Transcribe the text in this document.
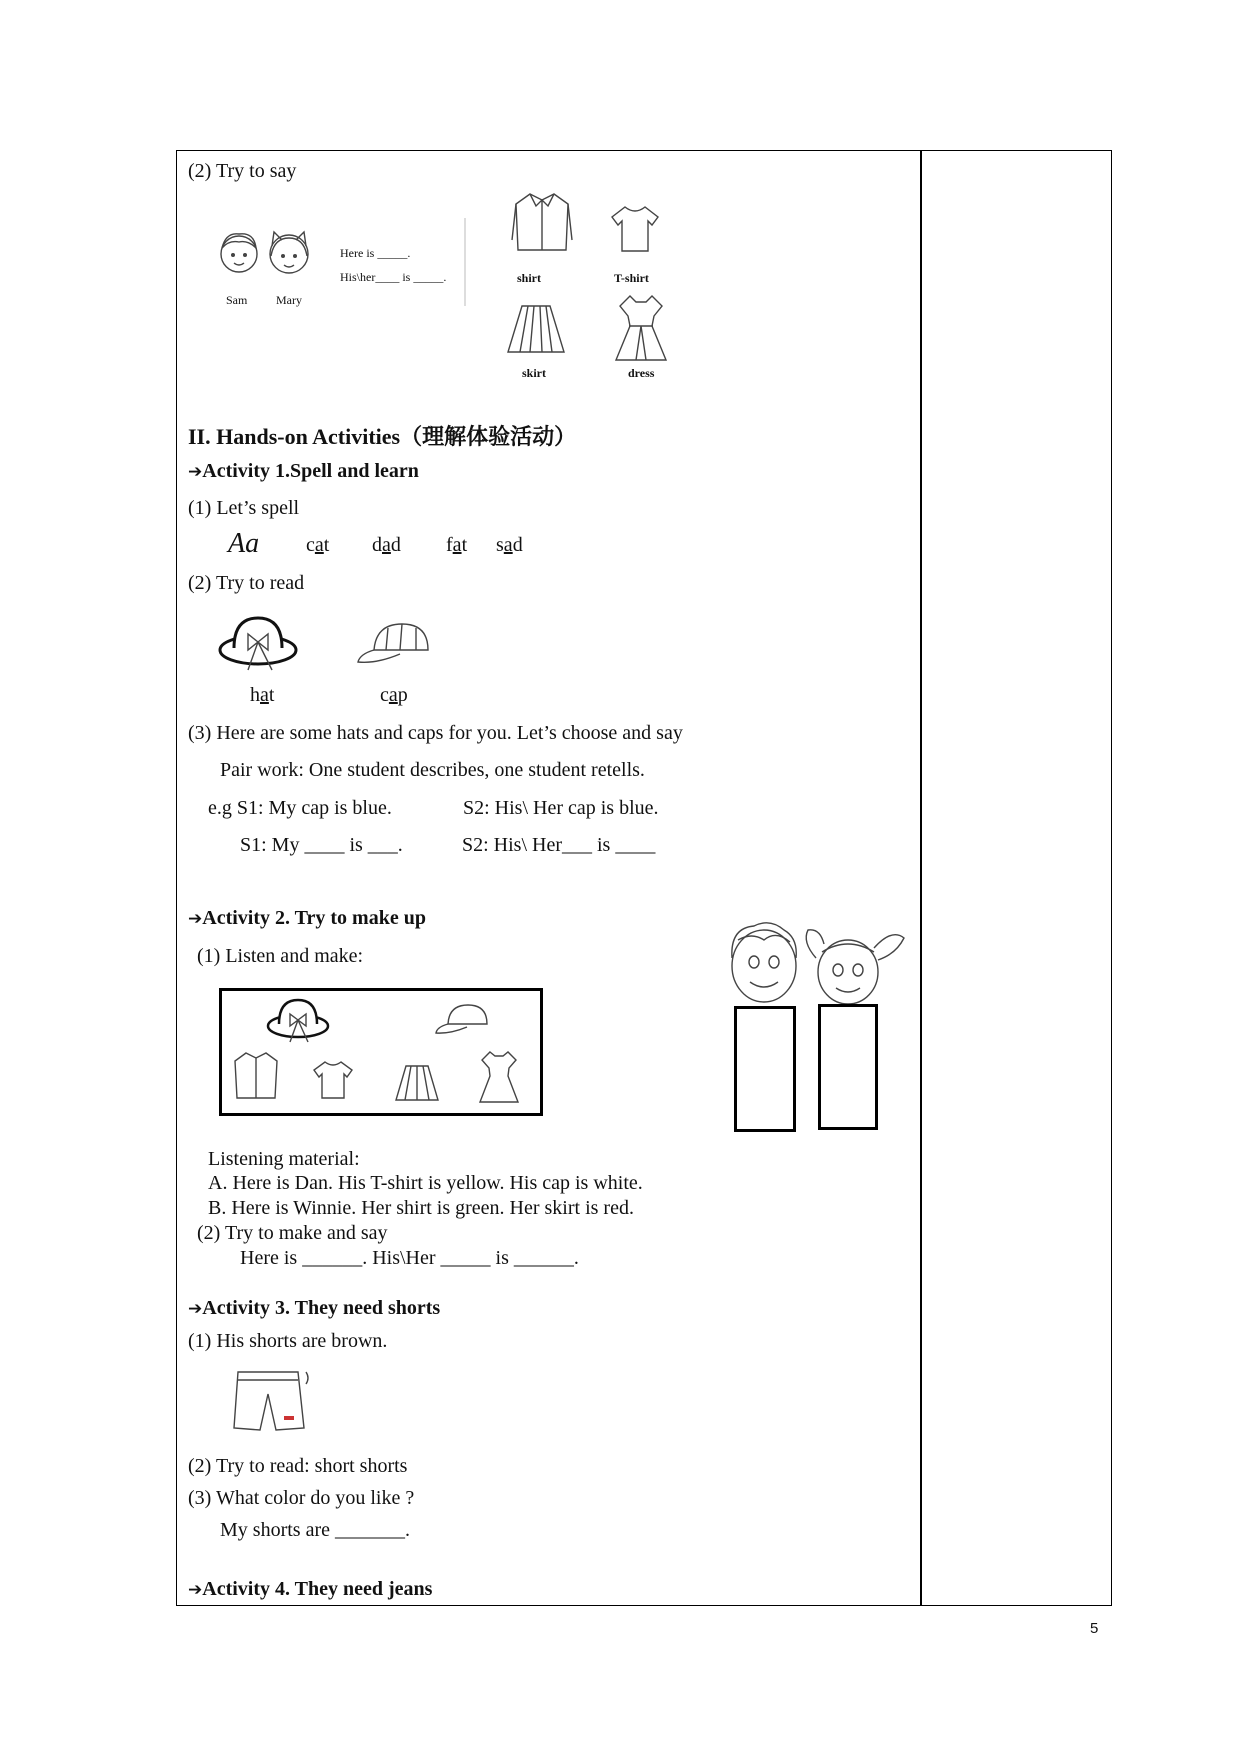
(2) Try to say
Sam Mary
Here is _____.
His\her____ is _____.	shirt	T-shirt
skirt	dress
II. Hands-on Activities（理解体验活动）
➔Activity 1.Spell and learn
(1) Let’s spell
Aa cat dad fat sad
(2) Try to read
hat	cap
(3) Here are some hats and caps for you. Let’s choose and say
Pair work: One student describes, one student retells.
e.g S1: My cap is blue.	S2: His\ Her cap is blue.
S1: My ____ is ___.	S2: His\ Her___ is ____
➔Activity 2. Try to make up
(1) Listen and make:
Listening material:
A. Here is Dan. His T-shirt is yellow. His cap is white.
B. Here is Winnie. Her shirt is green. Her skirt is red.
(2) Try to make and say
Here is ______. His\Her _____ is ______.
➔Activity 3. They need shorts
(1) His shorts are brown.
(2) Try to read: short shorts
(3) What color do you like ?
My shorts are _______.
➔Activity 4. They need jeans
5
